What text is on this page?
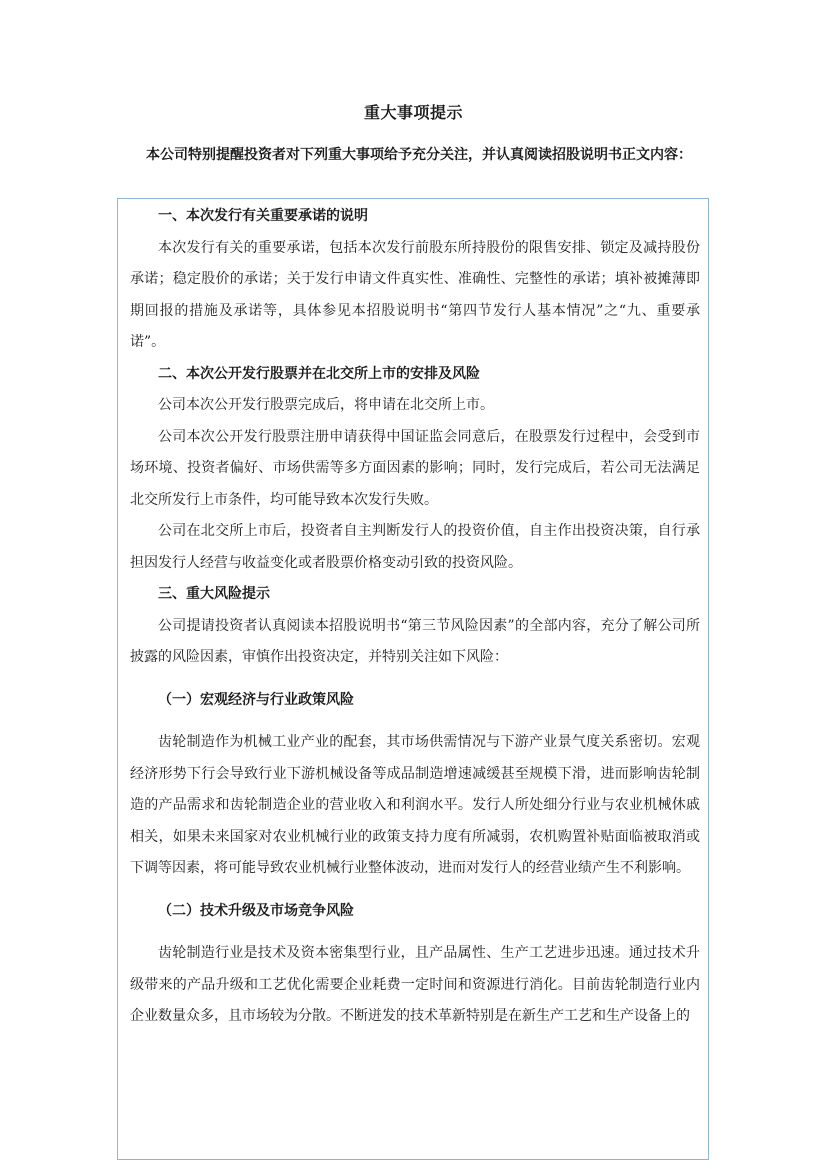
重大事项提示

本公司特别提醒投资者对下列重大事项给予充分关注，并认真阅读招股说明书正文内容：

一、本次发行有关重要承诺的说明

本次发行有关的重要承诺，包括本次发行前股东所持股份的限售安排、锁定及减持股份承诺；稳定股价的承诺；关于发行申请文件真实性、准确性、完整性的承诺；填补被摊薄即期回报的措施及承诺等，具体参见本招股说明书“第四节发行人基本情况”之“九、重要承诺”。

二、本次公开发行股票并在北交所上市的安排及风险

公司本次公开发行股票完成后，将申请在北交所上市。

公司本次公开发行股票注册申请获得中国证监会同意后，在股票发行过程中，会受到市场环境、投资者偏好、市场供需等多方面因素的影响；同时，发行完成后，若公司无法满足北交所发行上市条件，均可能导致本次发行失败。

公司在北交所上市后，投资者自主判断发行人的投资价值，自主作出投资决策，自行承担因发行人经营与收益变化或者股票价格变动引致的投资风险。

三、重大风险提示

公司提请投资者认真阅读本招股说明书“第三节风险因素”的全部内容，充分了解公司所披露的风险因素，审慎作出投资决定，并特别关注如下风险：

（一）宏观经济与行业政策风险

齿轮制造作为机械工业产业的配套，其市场供需情况与下游产业景气度关系密切。宏观经济形势下行会导致行业下游机械设备等成品制造增速减缓甚至规模下滑，进而影响齿轮制造的产品需求和齿轮制造企业的营业收入和利润水平。发行人所处细分行业与农业机械休戚相关，如果未来国家对农业机械行业的政策支持力度有所减弱，农机购置补贴面临被取消或下调等因素，将可能导致农业机械行业整体波动，进而对发行人的经营业绩产生不利影响。

（二）技术升级及市场竞争风险

齿轮制造行业是技术及资本密集型行业，且产品属性、生产工艺进步迅速。通过技术升级带来的产品升级和工艺优化需要企业耗费一定时间和资源进行消化。目前齿轮制造行业内企业数量众多，且市场较为分散。不断迸发的技术革新特别是在新生产工艺和生产设备上的
